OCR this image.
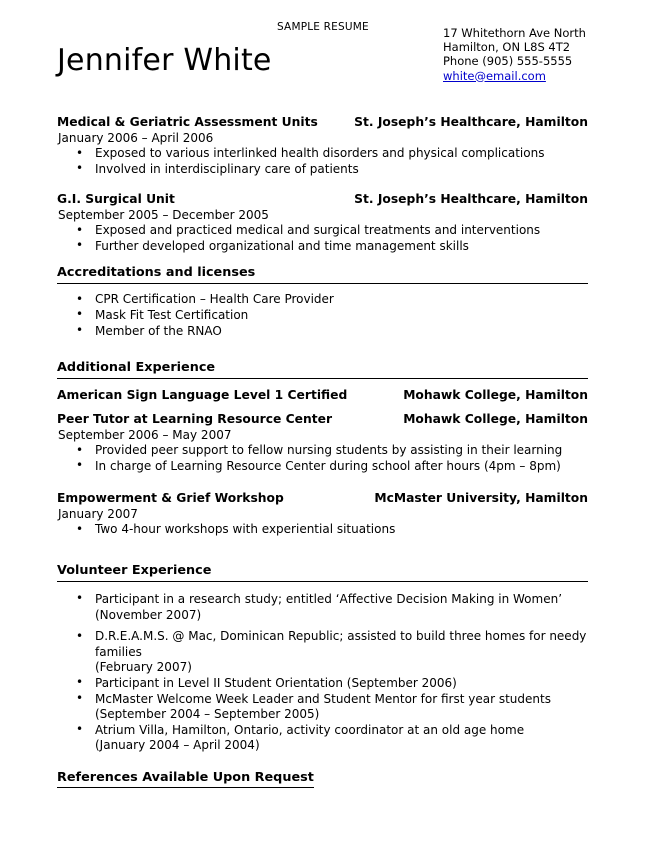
SAMPLE RESUME	17 Whitethorn Ave North
Hamilton, ON L8S 4T2
Phone (905) 555-5555
white@email.com
Jennifer White
Medical & Geriatric Assessment Units	St. Joseph’s Healthcare, Hamilton
January 2006 – April 2006
• Exposed to various interlinked health disorders and physical complications
• Involved in interdisciplinary care of patients
G.I. Surgical Unit	St. Joseph’s Healthcare, Hamilton
September 2005 – December 2005
• Exposed and practiced medical and surgical treatments and interventions
• Further developed organizational and time management skills
Accreditations and licenses
• CPR Certification – Health Care Provider
• Mask Fit Test Certification
• Member of the RNAO
Additional Experience
American Sign Language Level 1 Certified	Mohawk College, Hamilton
Peer Tutor at Learning Resource Center	Mohawk College, Hamilton
September 2006 – May 2007
• Provided peer support to fellow nursing students by assisting in their learning
• In charge of Learning Resource Center during school after hours (4pm – 8pm)
Empowerment & Grief Workshop	McMaster University, Hamilton
January 2007
• Two 4-hour workshops with experiential situations
Volunteer Experience
• Participant in a research study; entitled ‘Affective Decision Making in Women’
(November 2007)
• D.R.E.A.M.S. @ Mac, Dominican Republic; assisted to build three homes for needy families
(February 2007)
• Participant in Level II Student Orientation (September 2006)
• McMaster Welcome Week Leader and Student Mentor for first year students
(September 2004 – September 2005)
• Atrium Villa, Hamilton, Ontario, activity coordinator at an old age home
(January 2004 – April 2004)
References Available Upon Request
